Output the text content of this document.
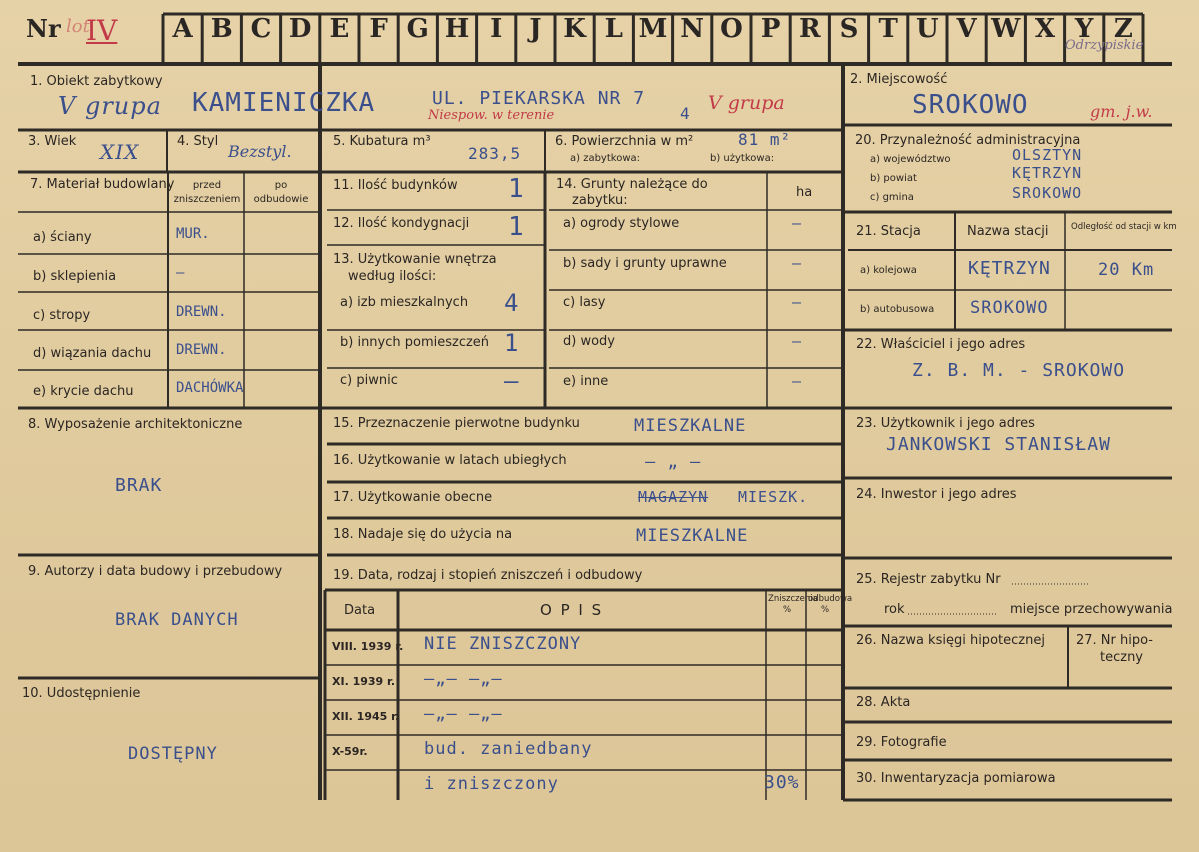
Nr IV
lot	A B C D E F G H I	J K L M N O P R S T U V W X Y Z
Odrzypiskie
1. Obiekt zabytkowy
V grupa KAMIENICZKA	UL. PIEKARSKA NR 7
4
Niespow. w terenie
V grupa
2. Miejscowość
SROKOWO	gm. j.w.
3. Wiek XIX	4. Styl
Bezstyl.
5. Kubatura m³
283,5
6. Powierzchnia w m²
a) zabytkowa:	b) użytkowa:
81 m²	20. Przynależność administracyjna
a) województwo	OLSZTYN
b) powiat	KĘTRZYN
c) gmina	SROKOWO
7. Materiał budowlany	przed zniszczeniem
po odbudowie
a) ściany	MUR.
b) sklepienia	—
c) stropy	DREWN.
d) wiązania dachu DREWN.
e) krycie dachu	DACHÓWKA
11. Ilość budynków 1
12. Ilość kondygnacji 1
13. Użytkowanie wnętrza
według ilości:
a) izb mieszkalnych 4
b) innych pomieszczeń 1
c) piwnic	—
14. Grunty należące do
zabytku:
ha
a) ogrody stylowe	—
b) sady i grunty uprawne	—
c) lasy	—
d) wody	—
e) inne	—
21. Stacja	Nazwa stacji	Odległość od stacji w km
a) kolejowa	KĘTRZYN	20 Km
b) autobusowa SROKOWO
22. Właściciel i jego adres
Z. B. M. - SROKOWO
8. Wyposażenie architektoniczne
BRAK
15. Przeznaczenie pierwotne budynku	MIESZKALNE
16. Użytkowanie w latach ubiegłych	— „ —
17. Użytkowanie obecne	MAGAZYN MIESZK.
18. Nadaje się do użycia na	MIESZKALNE
23. Użytkownik i jego adres
JANKOWSKI STANISŁAW
24. Inwestor i jego adres
9. Autorzy i data budowy i przebudowy
BRAK DANYCH
19. Data, rodzaj i stopień zniszczeń i odbudowy
Data	O P I S
Zniszczenia %
odbudowa %
VIII. 1939 r. NIE ZNISZCZONY
XI. 1939 r. —„— —„—
XII. 1945 r. —„— —„—
X-59r.	bud. zaniedbany
i zniszczony	30%
25. Rejestr zabytku Nr
rok	miejsce przechowywania
10. Udostępnienie
DOSTĘPNY
26. Nazwa księgi hipotecznej 27. Nr hipo-
teczny
28. Akta
29. Fotografie
30. Inwentaryzacja pomiarowa
